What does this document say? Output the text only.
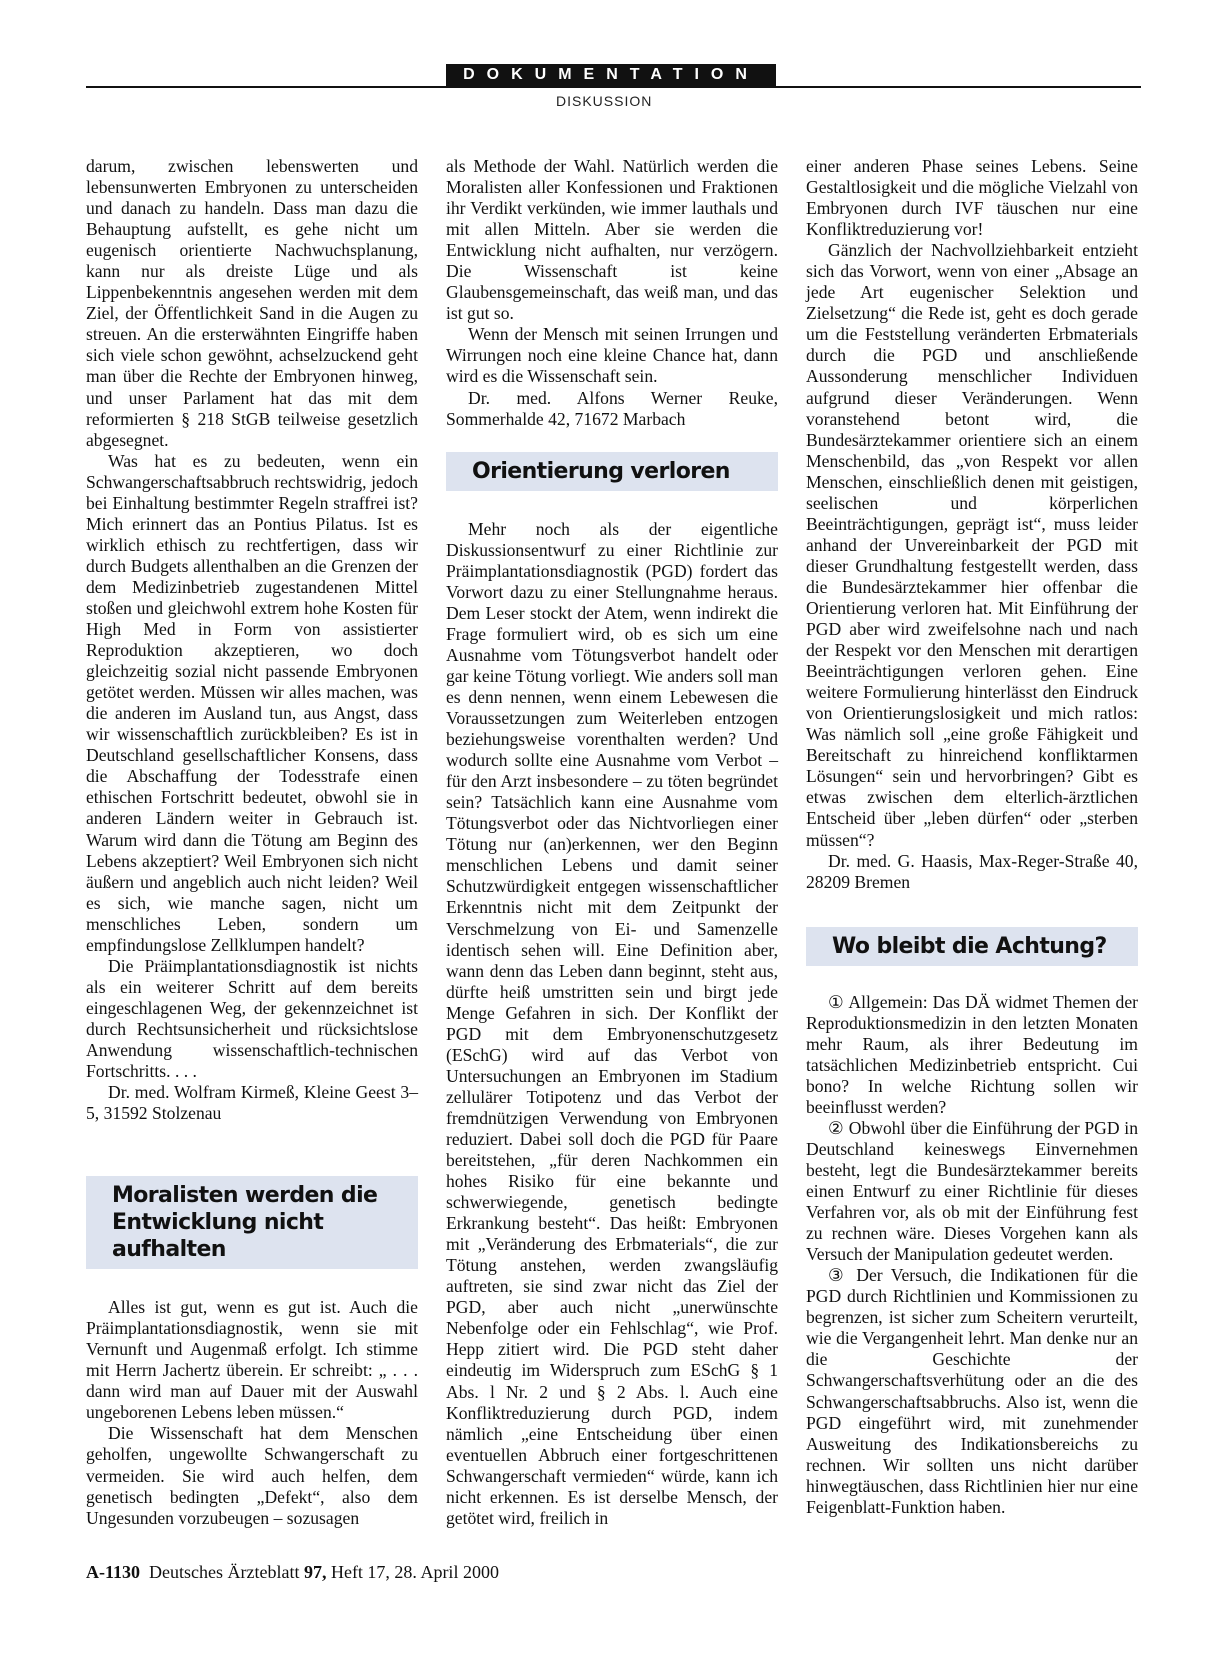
DOKUMENTATION
DISKUSSION

darum, zwischen lebenswerten und lebensunwerten Embryonen zu unterscheiden und danach zu handeln. Dass man dazu die Behauptung aufstellt, es gehe nicht um eugenisch orientierte Nachwuchsplanung, kann nur als dreiste Lüge und als Lippenbekenntnis angesehen werden mit dem Ziel, der Öffentlichkeit Sand in die Augen zu streuen. An die ersterwähnten Eingriffe haben sich viele schon gewöhnt, achselzuckend geht man über die Rechte der Embryonen hinweg, und unser Parlament hat das mit dem reformierten § 218 StGB teilweise gesetzlich abgesegnet.

Was hat es zu bedeuten, wenn ein Schwangerschaftsabbruch rechtswidrig, jedoch bei Einhaltung bestimmter Regeln straffrei ist? Mich erinnert das an Pontius Pilatus. Ist es wirklich ethisch zu rechtfertigen, dass wir durch Budgets allenthalben an die Grenzen der dem Medizinbetrieb zugestandenen Mittel stoßen und gleichwohl extrem hohe Kosten für High Med in Form von assistierter Reproduktion akzeptieren, wo doch gleichzeitig sozial nicht passende Embryonen getötet werden. Müssen wir alles machen, was die anderen im Ausland tun, aus Angst, dass wir wissenschaftlich zurückbleiben? Es ist in Deutschland gesellschaftlicher Konsens, dass die Abschaffung der Todesstrafe einen ethischen Fortschritt bedeutet, obwohl sie in anderen Ländern weiter in Gebrauch ist. Warum wird dann die Tötung am Beginn des Lebens akzeptiert? Weil Embryonen sich nicht äußern und angeblich auch nicht leiden? Weil es sich, wie manche sagen, nicht um menschliches Leben, sondern um empfindungslose Zellklumpen handelt?

Die Präimplantationsdiagnostik ist nichts als ein weiterer Schritt auf dem bereits eingeschlagenen Weg, der gekennzeichnet ist durch Rechtsunsicherheit und rücksichtslose Anwendung wissenschaftlich-technischen Fortschritts. . . .

Dr. med. Wolfram Kirmeß, Kleine Geest 3–5, 31592 Stolzenau

Moralisten werden die Entwicklung nicht aufhalten

Alles ist gut, wenn es gut ist. Auch die Präimplantationsdiagnostik, wenn sie mit Vernunft und Augenmaß erfolgt. Ich stimme mit Herrn Jachertz überein. Er schreibt: „ . . . dann wird man auf Dauer mit der Auswahl ungeborenen Lebens leben müssen.“

Die Wissenschaft hat dem Menschen geholfen, ungewollte Schwangerschaft zu vermeiden. Sie wird auch helfen, dem genetisch bedingten „Defekt“, also dem Ungesunden vorzubeugen – sozusagen

als Methode der Wahl. Natürlich werden die Moralisten aller Konfessionen und Fraktionen ihr Verdikt verkünden, wie immer lauthals und mit allen Mitteln. Aber sie werden die Entwicklung nicht aufhalten, nur verzögern. Die Wissenschaft ist keine Glaubensgemeinschaft, das weiß man, und das ist gut so.

Wenn der Mensch mit seinen Irrungen und Wirrungen noch eine kleine Chance hat, dann wird es die Wissenschaft sein.

Dr. med. Alfons Werner Reuke, Sommerhalde 42, 71672 Marbach

Orientierung verloren

Mehr noch als der eigentliche Diskussionsentwurf zu einer Richtlinie zur Präimplantationsdiagnostik (PGD) fordert das Vorwort dazu zu einer Stellungnahme heraus. Dem Leser stockt der Atem, wenn indirekt die Frage formuliert wird, ob es sich um eine Ausnahme vom Tötungsverbot handelt oder gar keine Tötung vorliegt. Wie anders soll man es denn nennen, wenn einem Lebewesen die Voraussetzungen zum Weiterleben entzogen beziehungsweise vorenthalten werden? Und wodurch sollte eine Ausnahme vom Verbot – für den Arzt insbesondere – zu töten begründet sein? Tatsächlich kann eine Ausnahme vom Tötungsverbot oder das Nichtvorliegen einer Tötung nur (an)erkennen, wer den Beginn menschlichen Lebens und damit seiner Schutzwürdigkeit entgegen wissenschaftlicher Erkenntnis nicht mit dem Zeitpunkt der Verschmelzung von Ei- und Samenzelle identisch sehen will. Eine Definition aber, wann denn das Leben dann beginnt, steht aus, dürfte heiß umstritten sein und birgt jede Menge Gefahren in sich. Der Konflikt der PGD mit dem Embryonenschutzgesetz (ESchG) wird auf das Verbot von Untersuchungen an Embryonen im Stadium zellulärer Totipotenz und das Verbot der fremdnützigen Verwendung von Embryonen reduziert. Dabei soll doch die PGD für Paare bereitstehen, „für deren Nachkommen ein hohes Risiko für eine bekannte und schwerwiegende, genetisch bedingte Erkrankung besteht“. Das heißt: Embryonen mit „Veränderung des Erbmaterials“, die zur Tötung anstehen, werden zwangsläufig auftreten, sie sind zwar nicht das Ziel der PGD, aber auch nicht „unerwünschte Nebenfolge oder ein Fehlschlag“, wie Prof. Hepp zitiert wird. Die PGD steht daher eindeutig im Widerspruch zum ESchG § 1 Abs. l Nr. 2 und § 2 Abs. l. Auch eine Konfliktreduzierung durch PGD, indem nämlich „eine Entscheidung über einen eventuellen Abbruch einer fortgeschrittenen Schwangerschaft vermieden“ würde, kann ich nicht erkennen. Es ist derselbe Mensch, der getötet wird, freilich in

einer anderen Phase seines Lebens. Seine Gestaltlosigkeit und die mögliche Vielzahl von Embryonen durch IVF täuschen nur eine Konfliktreduzierung vor!

Gänzlich der Nachvollziehbarkeit entzieht sich das Vorwort, wenn von einer „Absage an jede Art eugenischer Selektion und Zielsetzung“ die Rede ist, geht es doch gerade um die Feststellung veränderten Erbmaterials durch die PGD und anschließende Aussonderung menschlicher Individuen aufgrund dieser Veränderungen. Wenn voranstehend betont wird, die Bundesärztekammer orientiere sich an einem Menschenbild, das „von Respekt vor allen Menschen, einschließlich denen mit geistigen, seelischen und körperlichen Beeinträchtigungen, geprägt ist“, muss leider anhand der Unvereinbarkeit der PGD mit dieser Grundhaltung festgestellt werden, dass die Bundesärztekammer hier offenbar die Orientierung verloren hat. Mit Einführung der PGD aber wird zweifelsohne nach und nach der Respekt vor den Menschen mit derartigen Beeinträchtigungen verloren gehen. Eine weitere Formulierung hinterlässt den Eindruck von Orientierungslosigkeit und mich ratlos: Was nämlich soll „eine große Fähigkeit und Bereitschaft zu hinreichend konfliktarmen Lösungen“ sein und hervorbringen? Gibt es etwas zwischen dem elterlich-ärztlichen Entscheid über „leben dürfen“ oder „sterben müssen“?

Dr. med. G. Haasis, Max-Reger-Straße 40, 28209 Bremen

Wo bleibt die Achtung?

① Allgemein: Das DÄ widmet Themen der Reproduktionsmedizin in den letzten Monaten mehr Raum, als ihrer Bedeutung im tatsächlichen Medizinbetrieb entspricht. Cui bono? In welche Richtung sollen wir beeinflusst werden?

② Obwohl über die Einführung der PGD in Deutschland keineswegs Einvernehmen besteht, legt die Bundesärztekammer bereits einen Entwurf zu einer Richtlinie für dieses Verfahren vor, als ob mit der Einführung fest zu rechnen wäre. Dieses Vorgehen kann als Versuch der Manipulation gedeutet werden.

③ Der Versuch, die Indikationen für die PGD durch Richtlinien und Kommissionen zu begrenzen, ist sicher zum Scheitern verurteilt, wie die Vergangenheit lehrt. Man denke nur an die Geschichte der Schwangerschaftsverhütung oder an die des Schwangerschaftsabbruchs. Also ist, wenn die PGD eingeführt wird, mit zunehmender Ausweitung des Indikationsbereichs zu rechnen. Wir sollten uns nicht darüber hinwegtäuschen, dass Richtlinien hier nur eine Feigenblatt-Funktion haben.

A-1130 Deutsches Ärzteblatt 97, Heft 17, 28. April 2000
